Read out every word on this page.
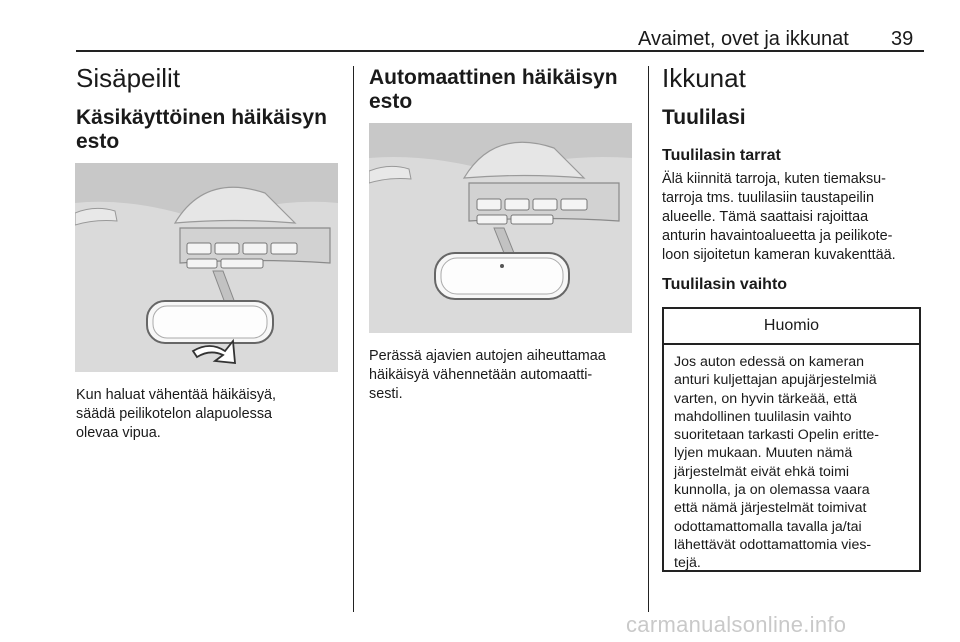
Avaimet, ovet ja ikkunat 39
Sisäpeilit
Käsikäyttöinen häikäisyn
esto
Kun haluat vähentää häikäisyä,
säädä peilikotelon alapuolessa
olevaa vipua.
Automaattinen häikäisyn
esto
Perässä ajavien autojen aiheuttamaa
häikäisyä vähennetään automaatti-
sesti.
Ikkunat
Tuulilasi
Tuulilasin tarrat
Älä kiinnitä tarroja, kuten tiemaksu-
tarroja tms. tuulilasiin taustapeilin
alueelle. Tämä saattaisi rajoittaa
anturin havaintoalueetta ja peilikote-
loon sijoitetun kameran kuvakenttää.
Tuulilasin vaihto
Huomio
Jos auton edessä on kameran
anturi kuljettajan apujärjestelmiä
varten, on hyvin tärkeää, että
mahdollinen tuulilasin vaihto
suoritetaan tarkasti Opelin eritte-
lyjen mukaan. Muuten nämä
järjestelmät eivät ehkä toimi
kunnolla, ja on olemassa vaara
että nämä järjestelmät toimivat
odottamattomalla tavalla ja/tai
lähettävät odottamattomia vies-
tejä.
carmanualsonline.info
